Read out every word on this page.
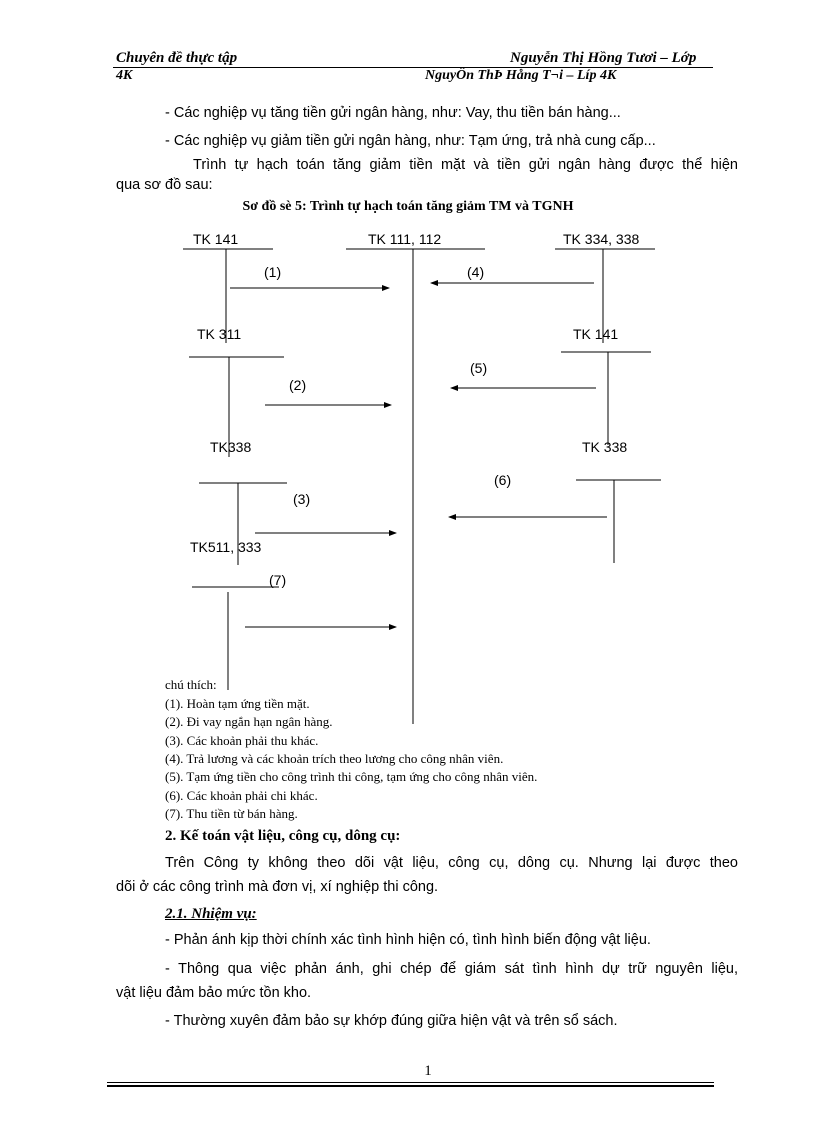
Chuyên đề thực tập	Nguyễn Thị Hồng Tươi – Lớp
4K	NguyÔn ThÞ Hång T¬i – Líp 4K
- Các nghiệp vụ tăng tiền gửi ngân hàng, như: Vay, thu tiền bán hàng...
- Các nghiệp vụ giảm tiền gửi ngân hàng, như: Tạm ứng, trả nhà cung cấp...
Trình tự hạch toán tăng giảm tiền mặt và tiền gửi ngân hàng được thể hiện
qua sơ đồ sau:
Sơ đồ sè 5: Trình tự hạch toán tăng giảm TM và TGNH
TK 141	TK 111, 112	TK 334, 338
TK 311	TK 141
TK338	TK 338
TK511, 333
(1)
(2)
(3)
(4)
(5)
(6)
(7)
chú thích:
(1). Hoàn tạm ứng tiền mặt.
(2). Đi vay ngắn hạn ngân hàng.
(3). Các khoản phải thu khác.
(4). Trả lương và các khoản trích theo lương cho công nhân viên.
(5). Tạm ứng tiền cho công trình thi công, tạm ứng cho công nhân viên.
(6). Các khoản phải chi khác.
(7). Thu tiền từ bán hàng.
2. Kế toán vật liệu, công cụ, dông cụ:
Trên Công ty không theo dõi vật liệu, công cụ, dông cụ. Nhưng lại được theo
dõi ở các công trình mà đơn vị, xí nghiệp thi công.
2.1. Nhiệm vụ:
- Phản ánh kịp thời chính xác tình hình hiện có, tình hình biến động vật liệu.
- Thông qua việc phản ánh, ghi chép để giám sát tình hình dự trữ nguyên liệu,
vật liệu đảm bảo mức tồn kho.
- Thường xuyên đảm bảo sự khớp đúng giữa hiện vật và trên sổ sách.
1
